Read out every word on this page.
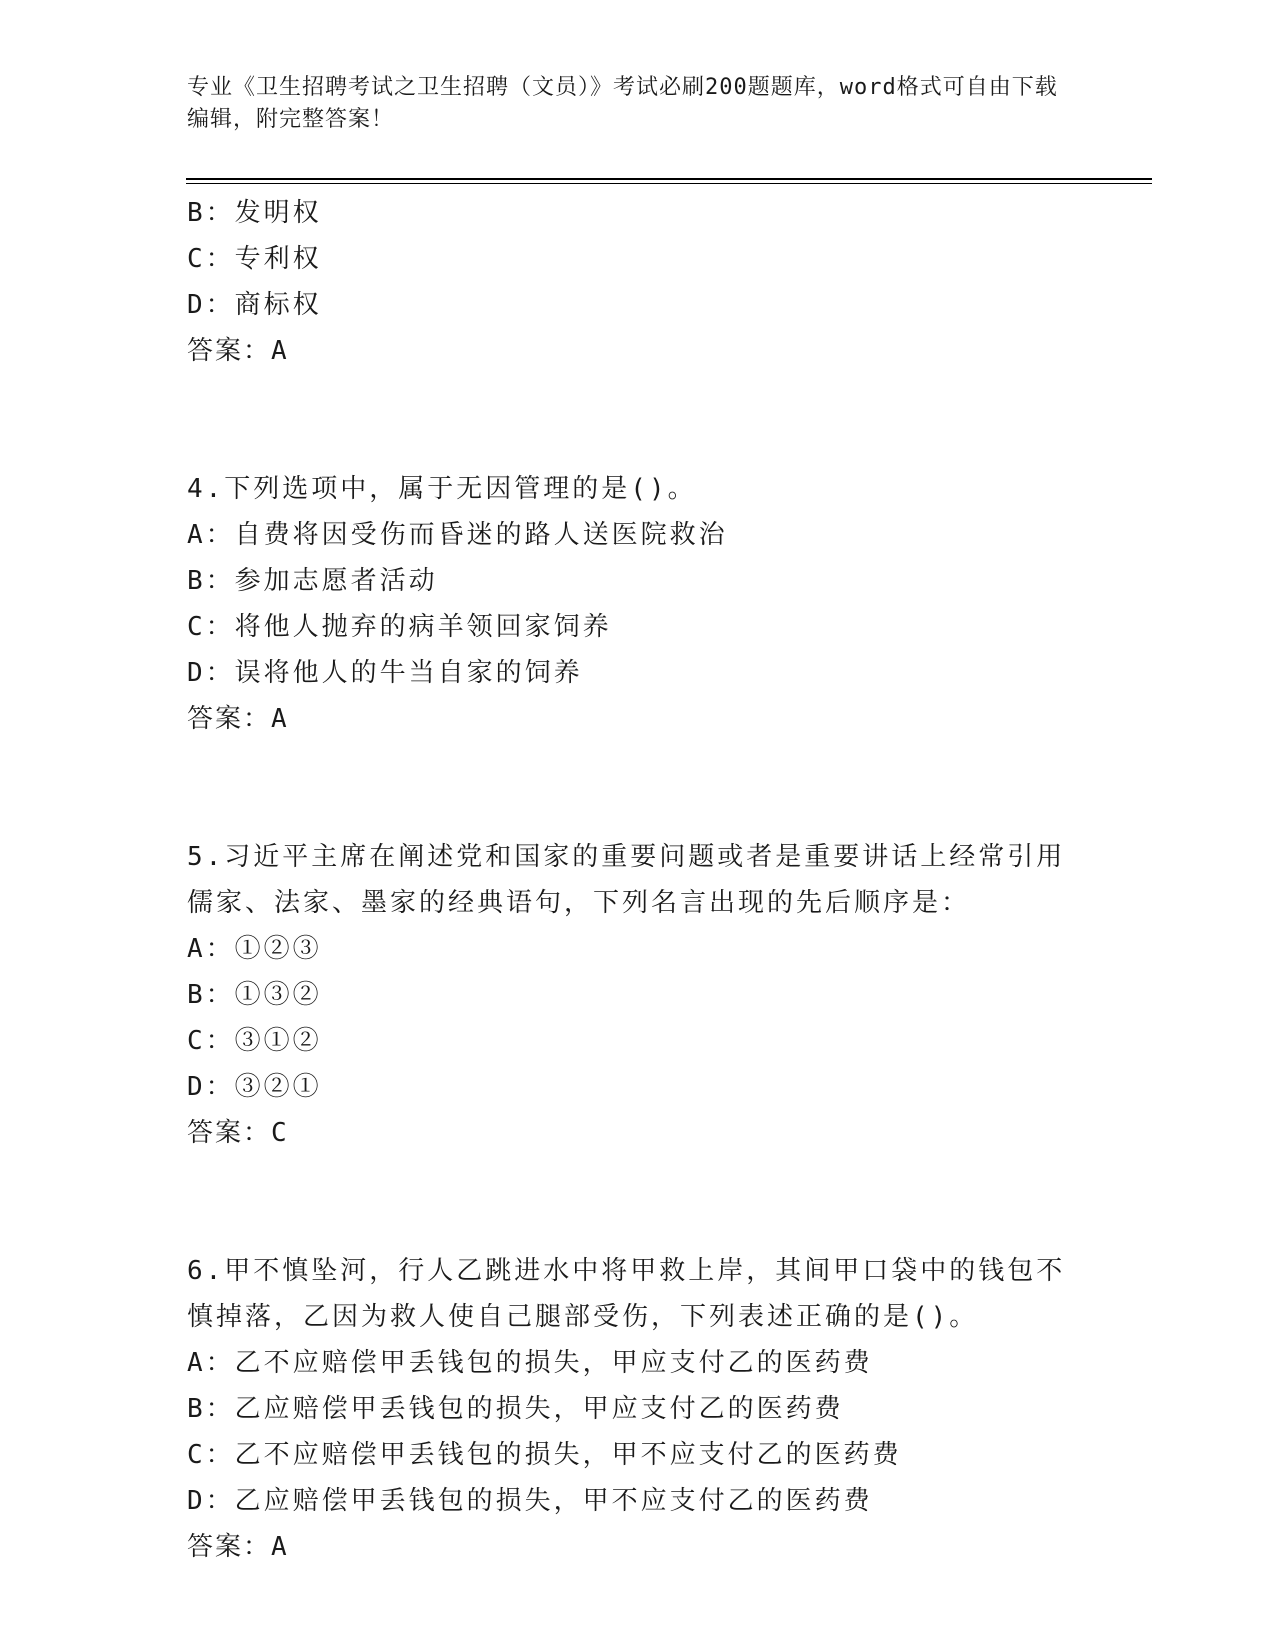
专业《卫生招聘考试之卫生招聘（文员）》考试必刷200题题库，word格式可自由下载编辑，附完整答案！
B：发明权
C：专利权
D：商标权
答案：A
4.下列选项中，属于无因管理的是()。
A：自费将因受伤而昏迷的路人送医院救治
B：参加志愿者活动
C：将他人抛弃的病羊领回家饲养
D：误将他人的牛当自家的饲养
答案：A
5.习近平主席在阐述党和国家的重要问题或者是重要讲话上经常引用
儒家、法家、墨家的经典语句，下列名言出现的先后顺序是：
A：①②③
B：①③②
C：③①②
D：③②①
答案：C
6.甲不慎坠河，行人乙跳进水中将甲救上岸，其间甲口袋中的钱包不
慎掉落，乙因为救人使自己腿部受伤，下列表述正确的是()。
A：乙不应赔偿甲丢钱包的损失，甲应支付乙的医药费
B：乙应赔偿甲丢钱包的损失，甲应支付乙的医药费
C：乙不应赔偿甲丢钱包的损失，甲不应支付乙的医药费
D：乙应赔偿甲丢钱包的损失，甲不应支付乙的医药费
答案：A
